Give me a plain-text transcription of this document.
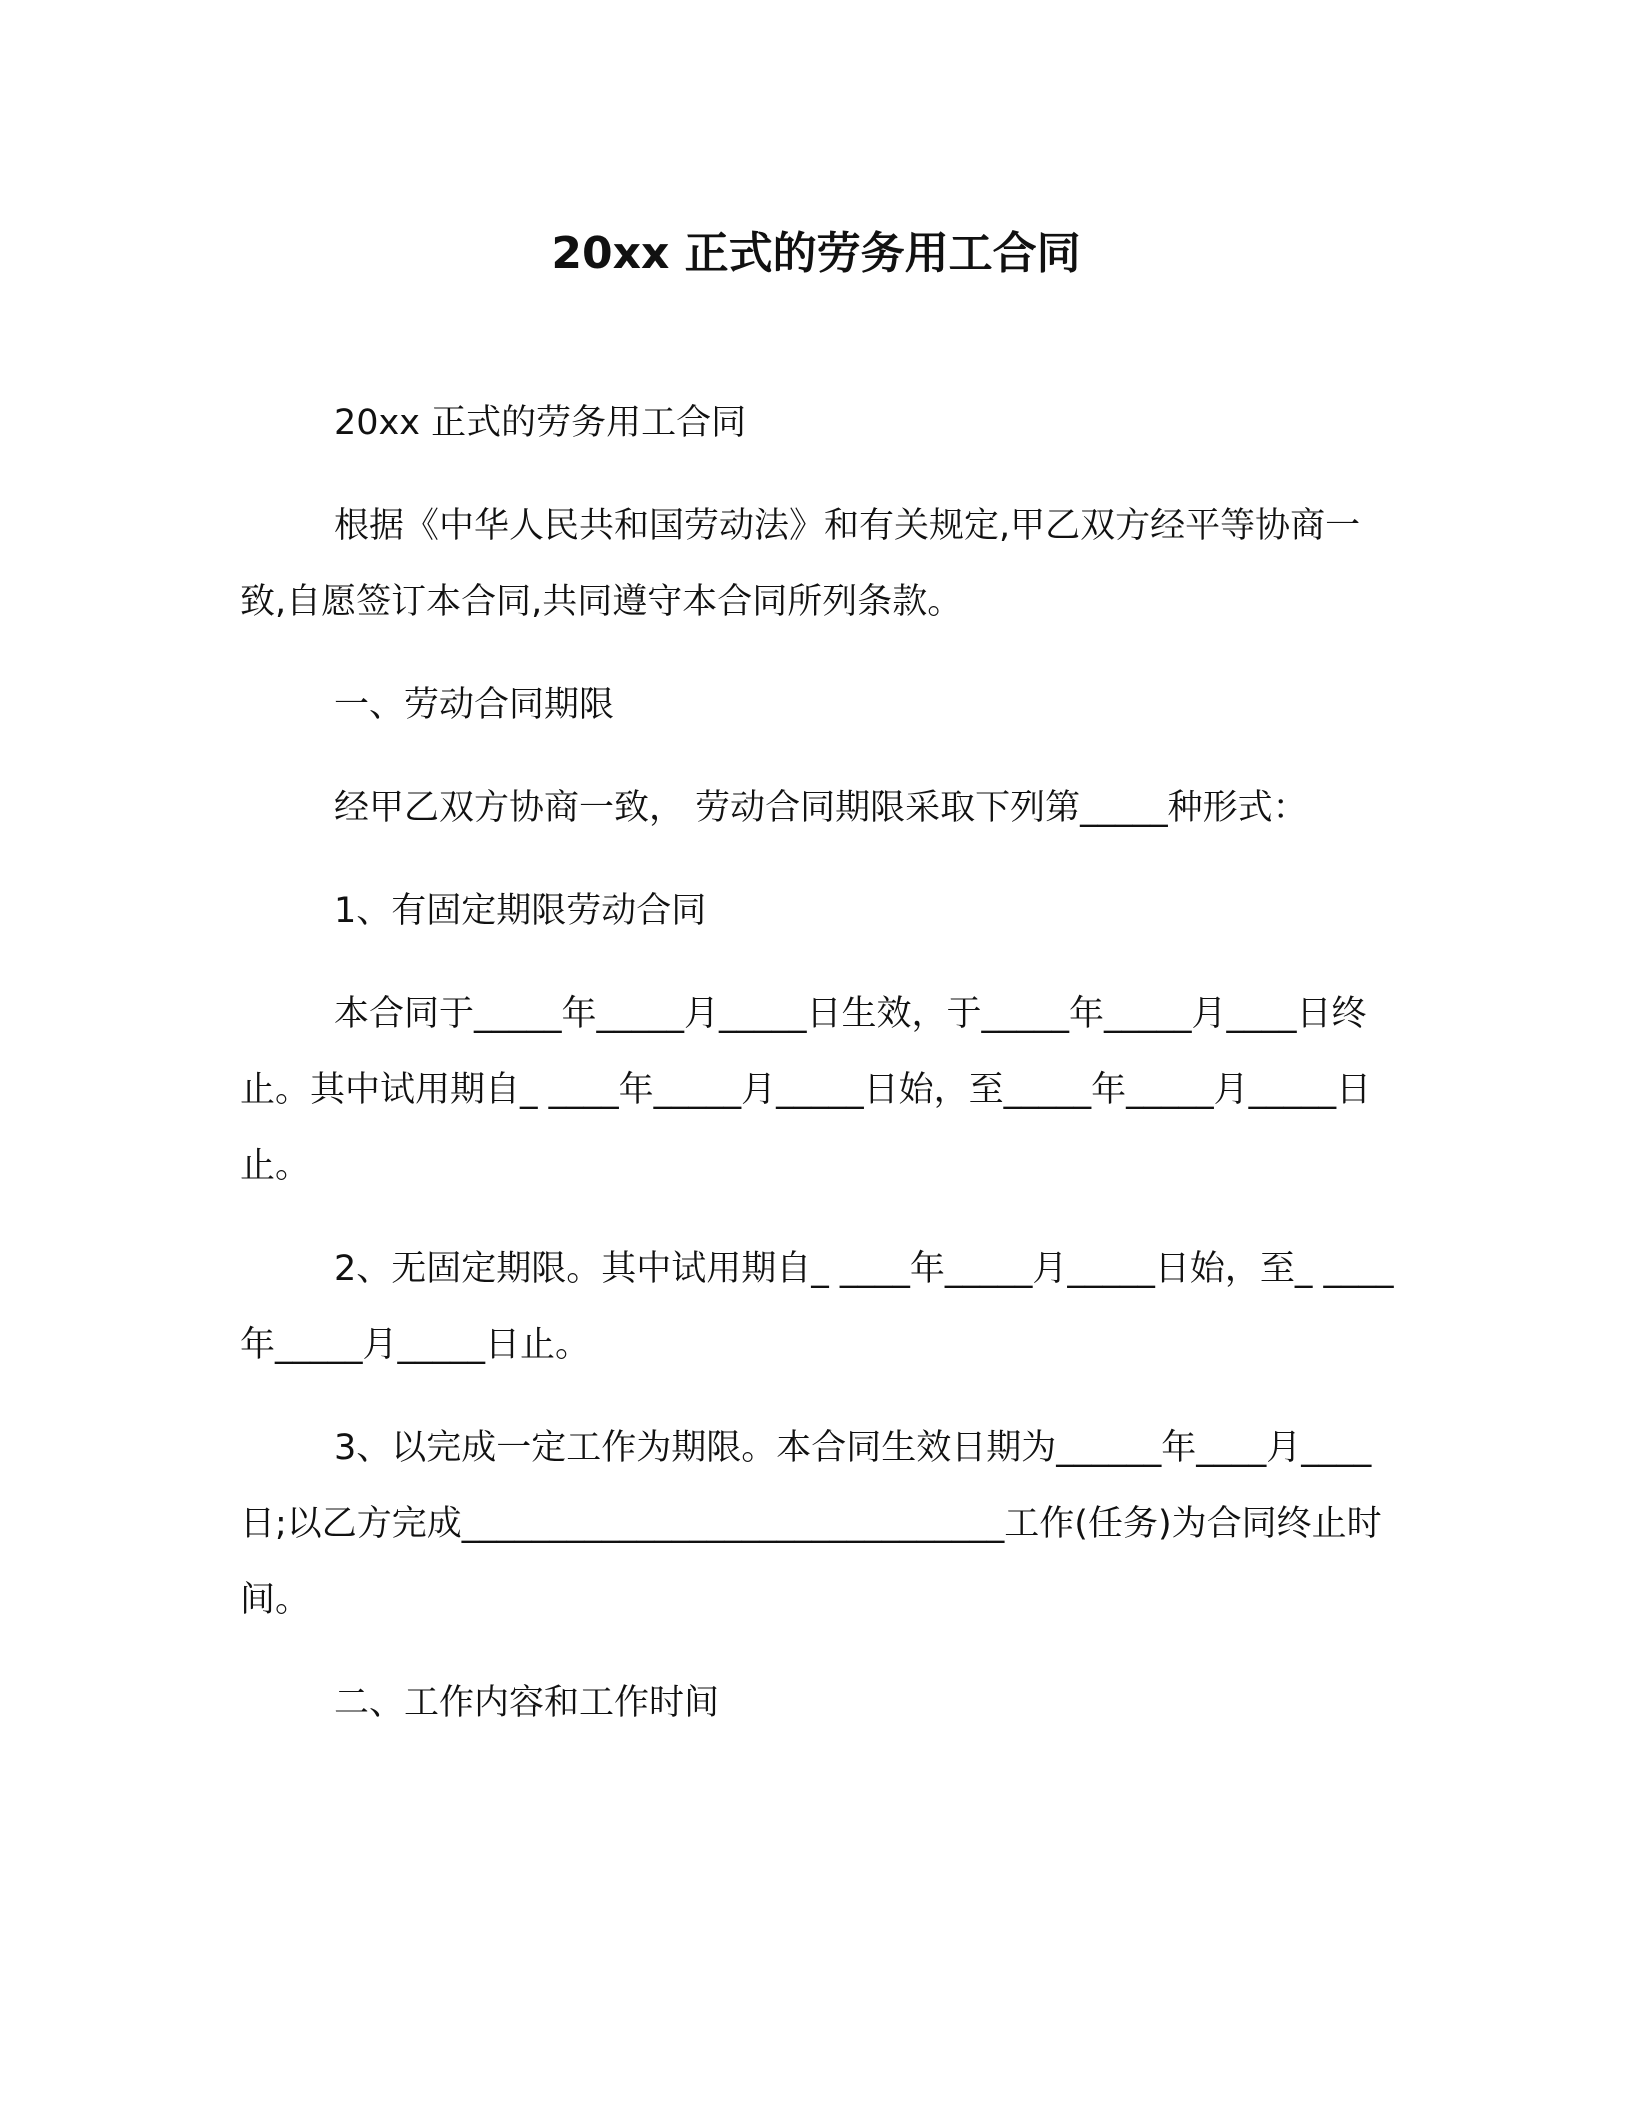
20xx 正式的劳务用工合同

20xx 正式的劳务用工合同

根据《中华人民共和国劳动法》和有关规定,甲乙双方经平等协商一致,自愿签订本合同,共同遵守本合同所列条款。

一、劳动合同期限

经甲乙双方协商一致， 劳动合同期限采取下列第_____种形式：

1、有固定期限劳动合同

本合同于_____年_____月_____日生效，于_____年_____月____日终止。其中试用期自_ ____年_____月_____日始，至_____年_____月_____日止。

2、无固定期限。其中试用期自_ ____年_____月_____日始，至_ ____年_____月_____日止。

3、以完成一定工作为期限。本合同生效日期为______年____月____日;以乙方完成_______________________________工作(任务)为合同终止时间。

二、工作内容和工作时间
